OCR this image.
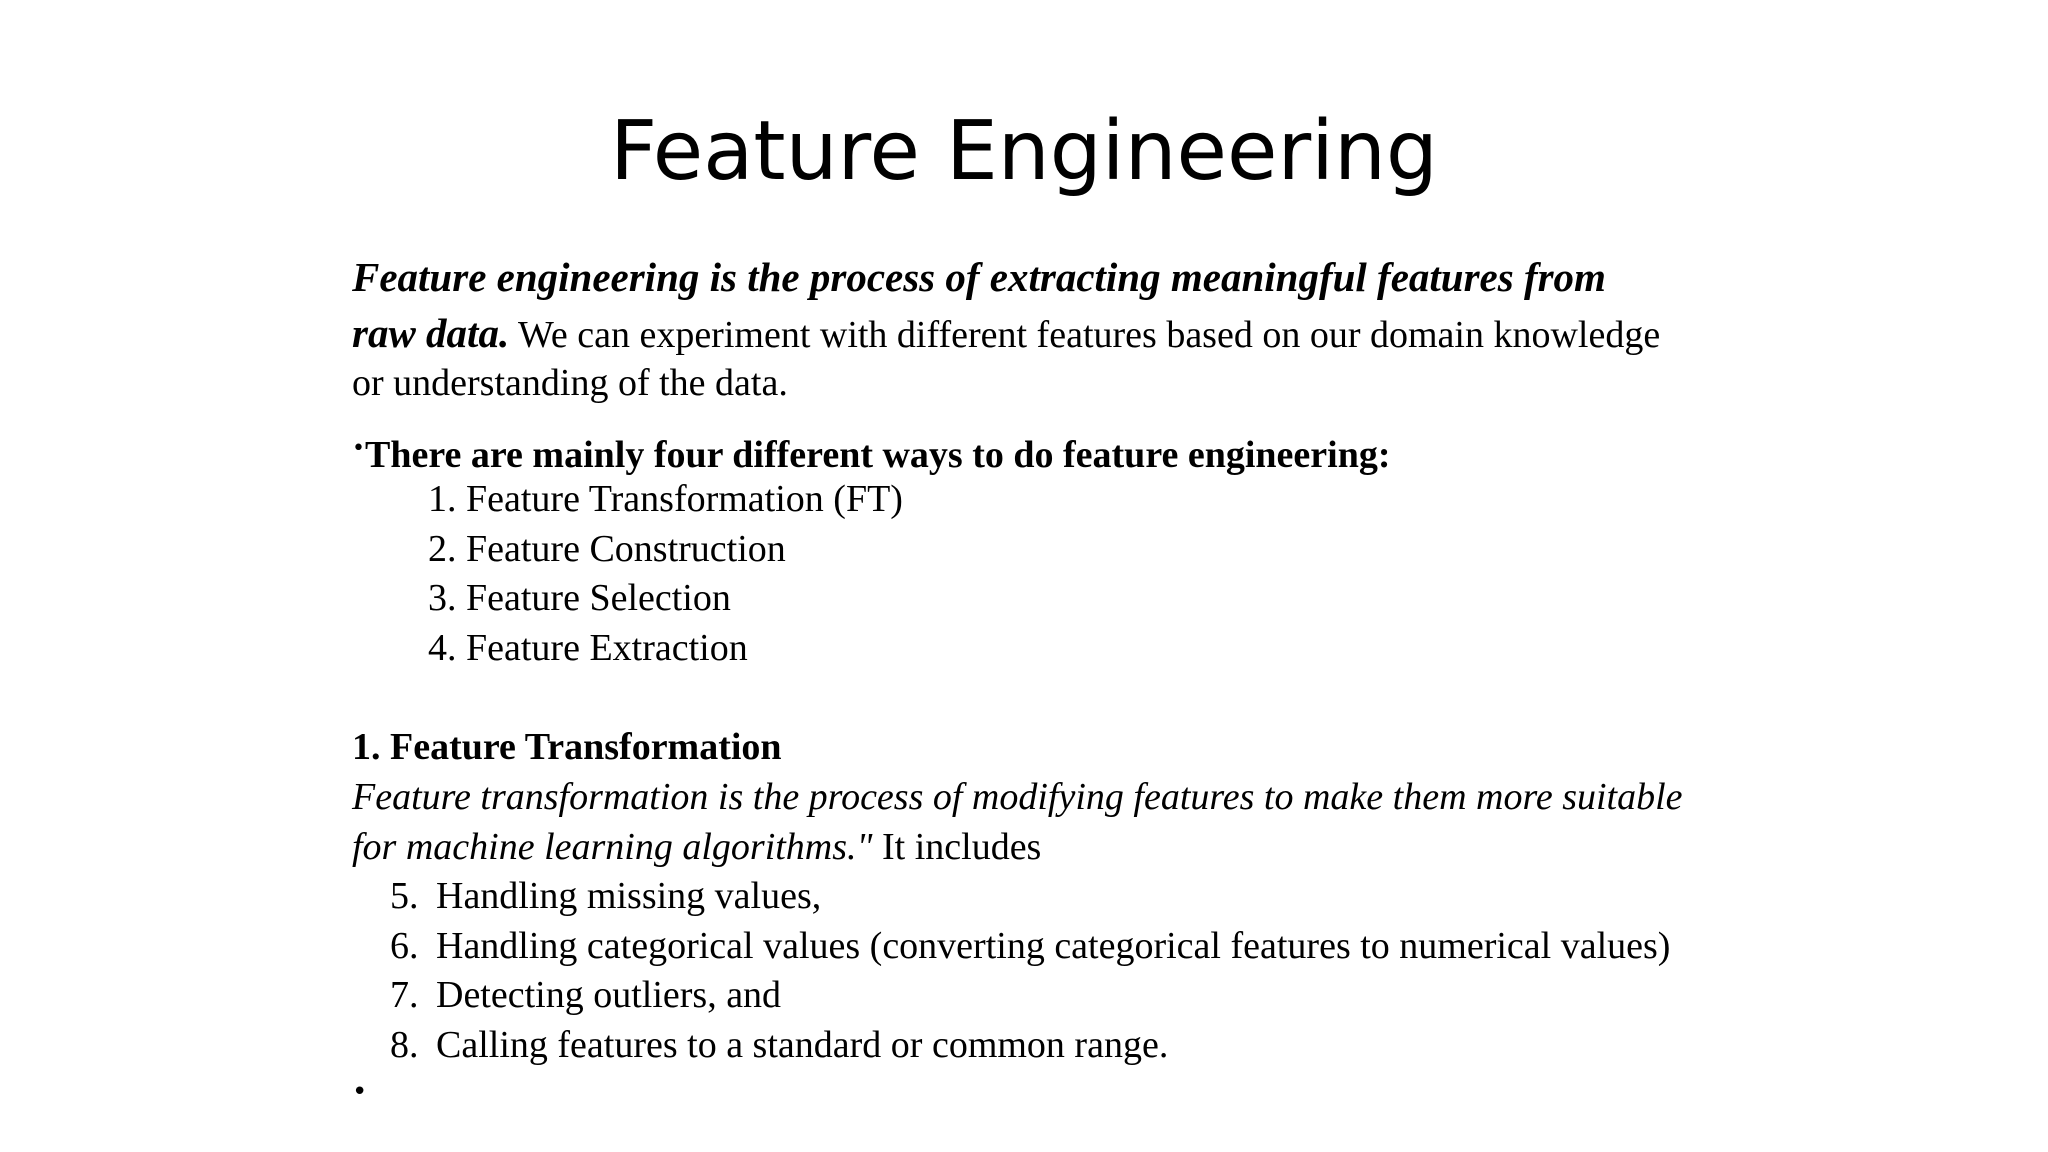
Feature Engineering
Feature engineering is the process of extracting meaningful features from
raw data. We can experiment with different features based on our domain knowledge
or understanding of the data.
•There are mainly four different ways to do feature engineering:
1. Feature Transformation (FT)
2. Feature Construction
3. Feature Selection
4. Feature Extraction
1. Feature Transformation
Feature transformation is the process of modifying features to make them more suitable
for machine learning algorithms." It includes
5. Handling missing values,
6. Handling categorical values (converting categorical features to numerical values)
7. Detecting outliers, and
8. Calling features to a standard or common range.
•
